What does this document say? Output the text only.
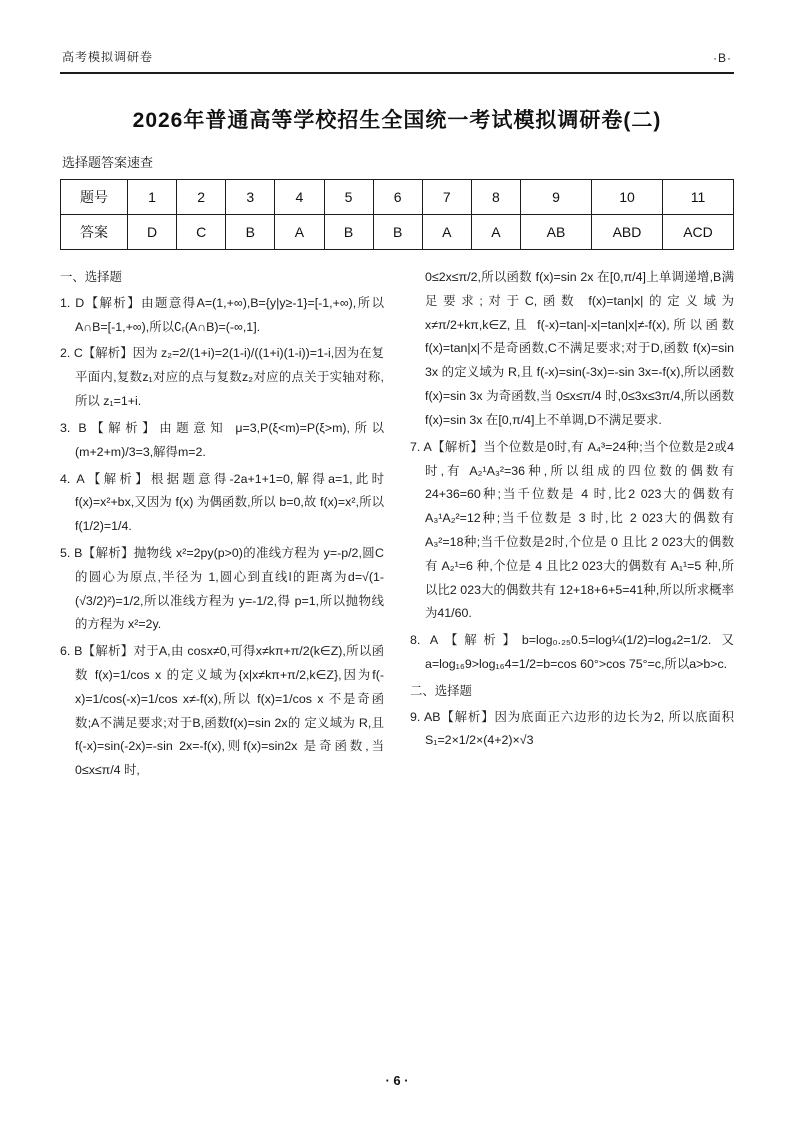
高考模拟调研卷	·B·
2026年普通高等学校招生全国统一考试模拟调研卷(二)
选择题答案速查
题号	1	2	3	4	5	6	7	8	9	10	11
答案	D	C	B	A	B	B	A	A	AB	ABD	ACD
一、选择题

1. D【解析】由题意得A=(1,+∞),B={y|y≥-1}=[-1,+∞),所以A∩B=[-1,+∞),所以∁ᵣ(A∩B)=(-∞,1].

2. C【解析】因为 z₂=2/(1+i)=2(1-i)/((1+i)(1-i))=1-i,因为在复平面内,复数z₁对应的点与复数z₂对应的点关于实轴对称,所以 z₁=1+i.

3. B【解析】由题意知 μ=3,P(ξ<m)=P(ξ>m),所以 (m+2+m)/3=3,解得m=2.

4. A【解析】根据题意得-2a+1+1=0,解得a=1,此时 f(x)=x²+bx,又因为 f(x) 为偶函数,所以 b=0,故 f(x)=x²,所以 f(1/2)=1/4.

5. B【解析】抛物线 x²=2py(p>0)的准线方程为 y=-p/2,圆C的圆心为原点,半径为 1,圆心到直线l的距离为d=√(1-(√3/2)²)=1/2,所以准线方程为 y=-1/2,得 p=1,所以抛物线的方程为 x²=2y.

6. B【解析】对于A,由 cosx≠0,可得x≠kπ+π/2(k∈Z),所以函数 f(x)=1/cos x 的定义域为{x|x≠kπ+π/2,k∈Z},因为f(-x)=1/cos(-x)=1/cos x≠-f(x),所以 f(x)=1/cos x 不是奇函数;A不满足要求;对于B,函数f(x)=sin 2x的 定义域为 R,且 f(-x)=sin(-2x)=-sin 2x=-f(x),则f(x)=sin2x 是奇函数,当 0≤x≤π/4 时,

0≤2x≤π/2,所以函数 f(x)=sin 2x 在[0,π/4]上单调递增,B满足要求;对于C,函数 f(x)=tan|x|的定义域为 x≠π/2+kπ,k∈Z,且 f(-x)=tan|-x|=tan|x|≠-f(x),所以函数 f(x)=tan|x|不是奇函数,C不满足要求;对于D,函数 f(x)=sin 3x 的定义域为 R,且 f(-x)=sin(-3x)=-sin 3x=-f(x),所以函数 f(x)=sin 3x 为奇函数,当 0≤x≤π/4 时,0≤3x≤3π/4,所以函数f(x)=sin 3x 在[0,π/4]上不单调,D不满足要求.

7. A【解析】当个位数是0时,有 A₄³=24种;当个位数是2或4时,有 A₂¹A₃²=36种,所以组成的四位数的偶数有 24+36=60种;当千位数是 4 时,比2 023大的偶数有 A₃¹A₂²=12种;当千位数是 3 时,比 2 023大的偶数有 A₃²=18种;当千位数是2时,个位是 0 且比 2 023大的偶数有 A₂¹=6 种,个位是 4 且比2 023大的偶数有 A₁¹=5 种,所以比2 023大的偶数共有 12+18+6+5=41种,所以所求概率为41/60.

8. A【解析】b=log₀.₂₅0.5=log¼(1/2)=log₄2=1/2. 又 a=log₁₆9>log₁₆4=1/2=b=cos 60°>cos 75°=c,所以a>b>c.

二、选择题

9. AB【解析】因为底面正六边形的边长为2, 所以底面积 S₁=2×1/2×(4+2)×√3

· 6 ·
